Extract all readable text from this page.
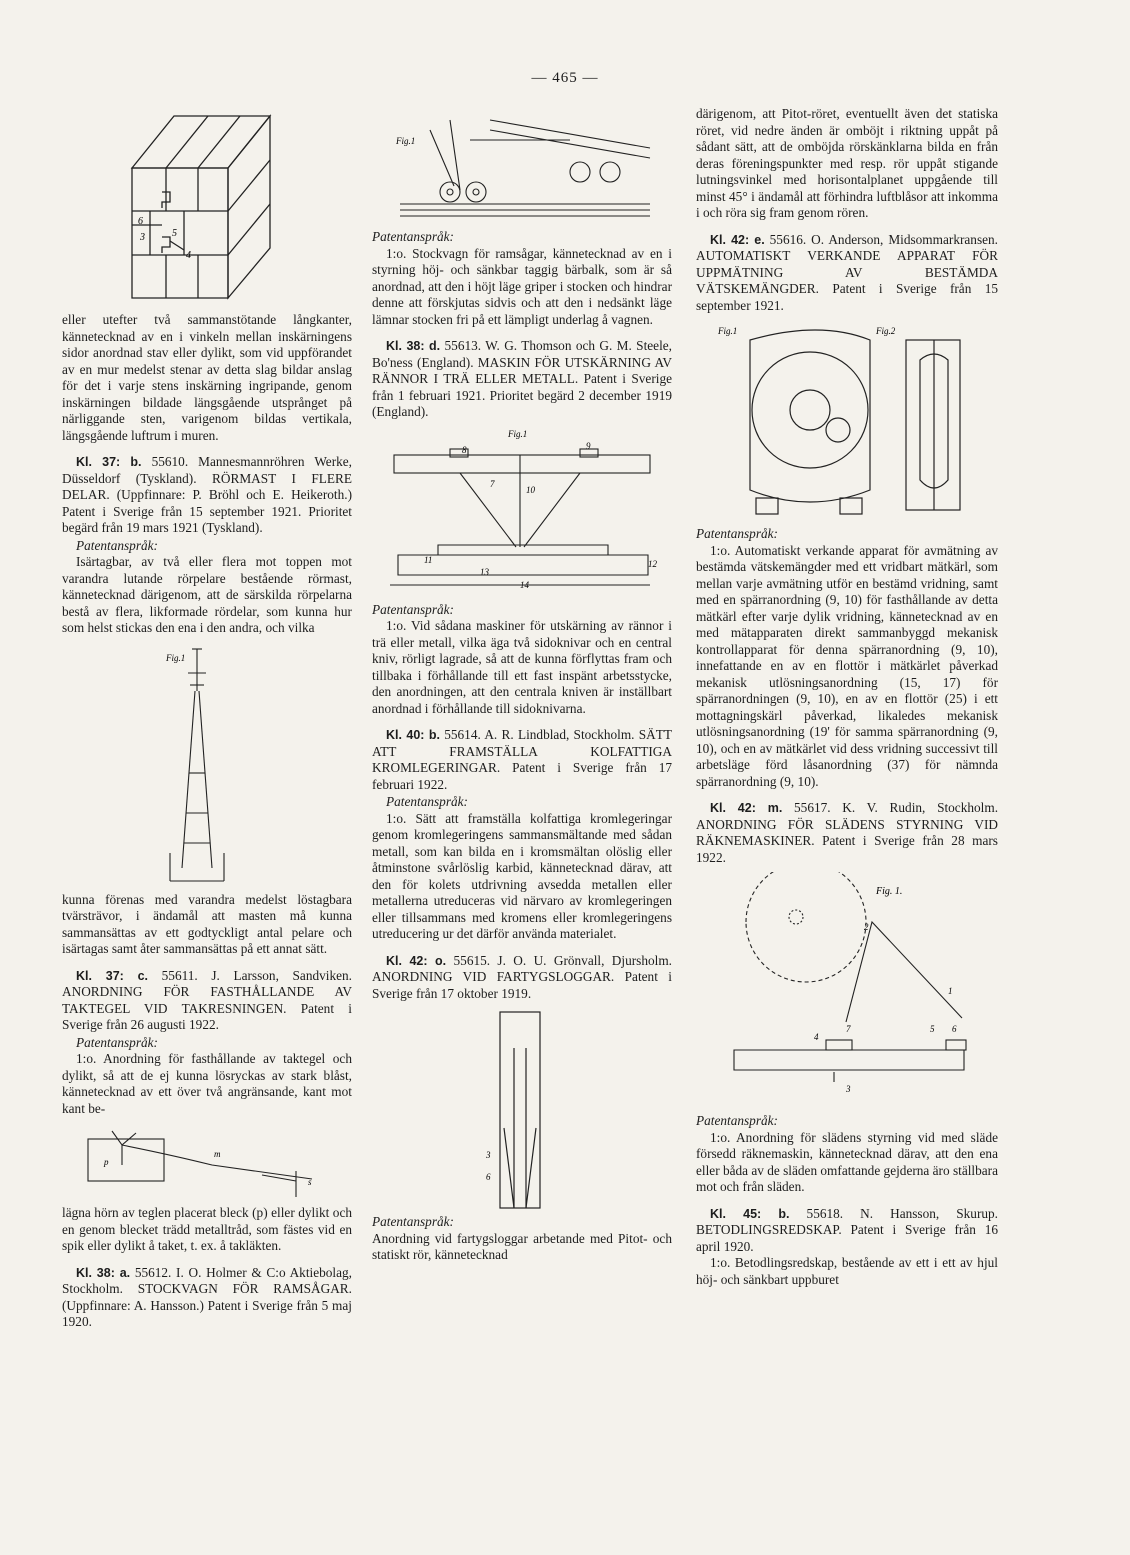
— 465 —
6
3	5
4

eller utefter två sammanstötande långkanter, kännetecknad av en i vinkeln mellan inskärningens sidor anordnad stav eller dylikt, som vid uppförandet av en mur medelst stenar av detta slag bildar anslag för det i varje stens inskärning ingripande, genom inskärningen bildade längsgående utsprånget på närliggande sten, varigenom bildas vertikala, längsgående luftrum i muren.

Kl. 37: b. 55610. Mannesmannröhren Werke, Düsseldorf (Tyskland). RÖRMAST I FLERE DELAR. (Uppfinnare: P. Bröhl och E. Heikeroth.) Patent i Sverige från 15 september 1921. Prioritet begärd från 19 mars 1921 (Tyskland).

Patentanspråk:

Isärtagbar, av två eller flera mot toppen mot varandra lutande rörpelare bestående rörmast, kännetecknad därigenom, att de särskilda rörpelarna bestå av flera, likformade rördelar, som kunna hur som helst stickas den ena i den andra, och vilka

Fig.1

kunna förenas med varandra medelst löstagbara tvärsträvor, i ändamål att masten må kunna sammansättas av ett godtyckligt antal pelare och isärtagas samt åter sammansättas på ett annat sätt.

Kl. 37: c. 55611. J. Larsson, Sandviken. ANORDNING FÖR FASTHÅLLANDE AV TAKTEGEL VID TAKRESNINGEN. Patent i Sverige från 26 augusti 1922.

Patentanspråk:

1:o. Anordning för fasthållande av taktegel och dylikt, så att de ej kunna lösryckas av stark blåst, kännetecknad av ett över två angränsande, kant mot kant be-

p
m
s

lägna hörn av teglen placerat bleck (p) eller dylikt och en genom blecket trädd metalltråd, som fästes vid en spik eller dylikt å taket, t. ex. å takläkten.

Kl. 38: a. 55612. I. O. Holmer & C:o Aktiebolag, Stockholm. STOCKVAGN FÖR RAMSÅGAR. (Uppfinnare: A. Hansson.) Patent i Sverige från 5 maj 1920.

Fig.1

Patentanspråk:

1:o. Stockvagn för ramsågar, kännetecknad av en i styrning höj- och sänkbar taggig bärbalk, som är så anordnad, att den i höjt läge griper i stocken och hindrar denne att förskjutas sidvis och att den i nedsänkt läge lämnar stocken fri på ett lämpligt underlag å vagnen.

Kl. 38: d. 55613. W. G. Thomson och G. M. Steele, Bo'ness (England). MASKIN FÖR UTSKÄRNING AV RÄNNOR I TRÄ ELLER METALL. Patent i Sverige från 1 februari 1921. Prioritet begärd 2 december 1919 (England).

Fig.1
8	9
7
10
12
13
14
11

Patentanspråk:

1:o. Vid sådana maskiner för utskärning av rännor i trä eller metall, vilka äga två sidoknivar och en central kniv, rörligt lagrade, så att de kunna förflyttas fram och tillbaka i förhållande till ett fast inspänt arbetsstycke, den anordningen, att den centrala kniven är inställbart anordnad i förhållande till sidoknivarna.

Kl. 40: b. 55614. A. R. Lindblad, Stockholm. SÄTT ATT FRAMSTÄLLA KOLFATTIGA KROMLEGERINGAR. Patent i Sverige från 17 februari 1922.

Patentanspråk:

1:o. Sätt att framställa kolfattiga kromlegeringar genom kromlegeringens sammansmältande med sådan metall, som kan bilda en i kromsmältan olöslig eller åtminstone svårlöslig karbid, kännetecknad därav, att den för kolets utdrivning avsedda metallen eller metallerna utreduceras vid närvaro av kromlegeringen eller tillsammans med kromens eller kromlegeringens utreducering ur det därför använda materialet.

Kl. 42: o. 55615. J. O. U. Grönvall, Djursholm. ANORDNING VID FARTYGSLOGGAR. Patent i Sverige från 17 oktober 1919.

3
6

Patentanspråk:

Anordning vid fartygsloggar arbetande med Pitot- och statiskt rör, kännetecknad

därigenom, att Pitot-röret, eventuellt även det statiska röret, vid nedre änden är omböjt i riktning uppåt på sådant sätt, att de omböjda rörskänklarna bilda en från deras föreningspunkter med resp. rör uppåt stigande lutningsvinkel med horisontalplanet uppgående till minst 45° i ändamål att förhindra luftblåsor att inkomma i och röra sig fram genom rören.

Kl. 42: e. 55616. O. Anderson, Midsommarkransen. AUTOMATISKT VERKANDE APPARAT FÖR UPPMÄTNING AV BESTÄMDA VÄTSKEMÄNGDER. Patent i Sverige från 15 september 1921.

Fig.1	Fig.2

Patentanspråk:

1:o. Automatiskt verkande apparat för avmätning av bestämda vätskemängder med ett vridbart mätkärl, som mellan varje avmätning utför en bestämd vridning, samt med en spärranordning (9, 10) för fasthållande av detta mätkärl efter varje dylik vridning, kännetecknad av en med mätapparaten direkt sammanbyggd mekanisk kontrollapparat för denna spärranordning (9, 10), innefattande en av en flottör i mätkärlet påverkad mekanisk utlösningsanordning (15, 17) för spärranordningen (9, 10), en av en flottör (25) i ett mottagningskärl påverkad, likaledes mekanisk utlösningsanordning (19' för samma spärranordning (9, 10), och en av mätkärlet vid dess vridning successivt till arbetsläge förd låsanordning (37) för nämnda spärranordning (9, 10).

Kl. 42: m. 55617. K. V. Rudin, Stockholm. ANORDNING FÖR SLÄDENS STYRNING VID RÄKNEMASKINER. Patent i Sverige från 28 mars 1922.

Fig. 1.
2
1
3
4
5 6
7

Patentanspråk:

1:o. Anordning för slädens styrning vid med släde försedd räknemaskin, kännetecknad därav, att den ena eller båda av de släden omfattande gejderna äro ställbara mot och från släden.

Kl. 45: b. 55618. N. Hansson, Skurup. BETODLINGSREDSKAP. Patent i Sverige från 16 april 1920.

1:o. Betodlingsredskap, bestående av ett i ett av hjul höj- och sänkbart uppburet
